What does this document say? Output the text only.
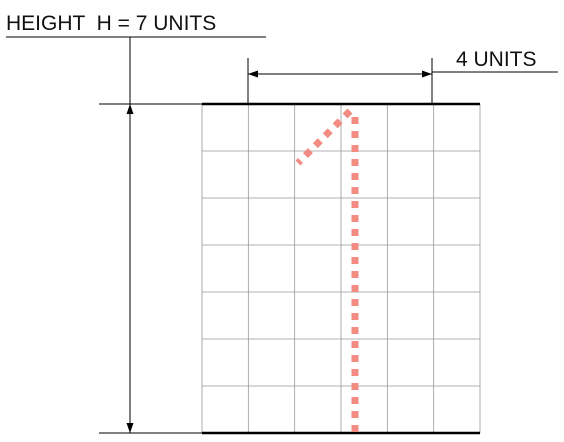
HEIGHT  H = 7 UNITS
4 UNITS
